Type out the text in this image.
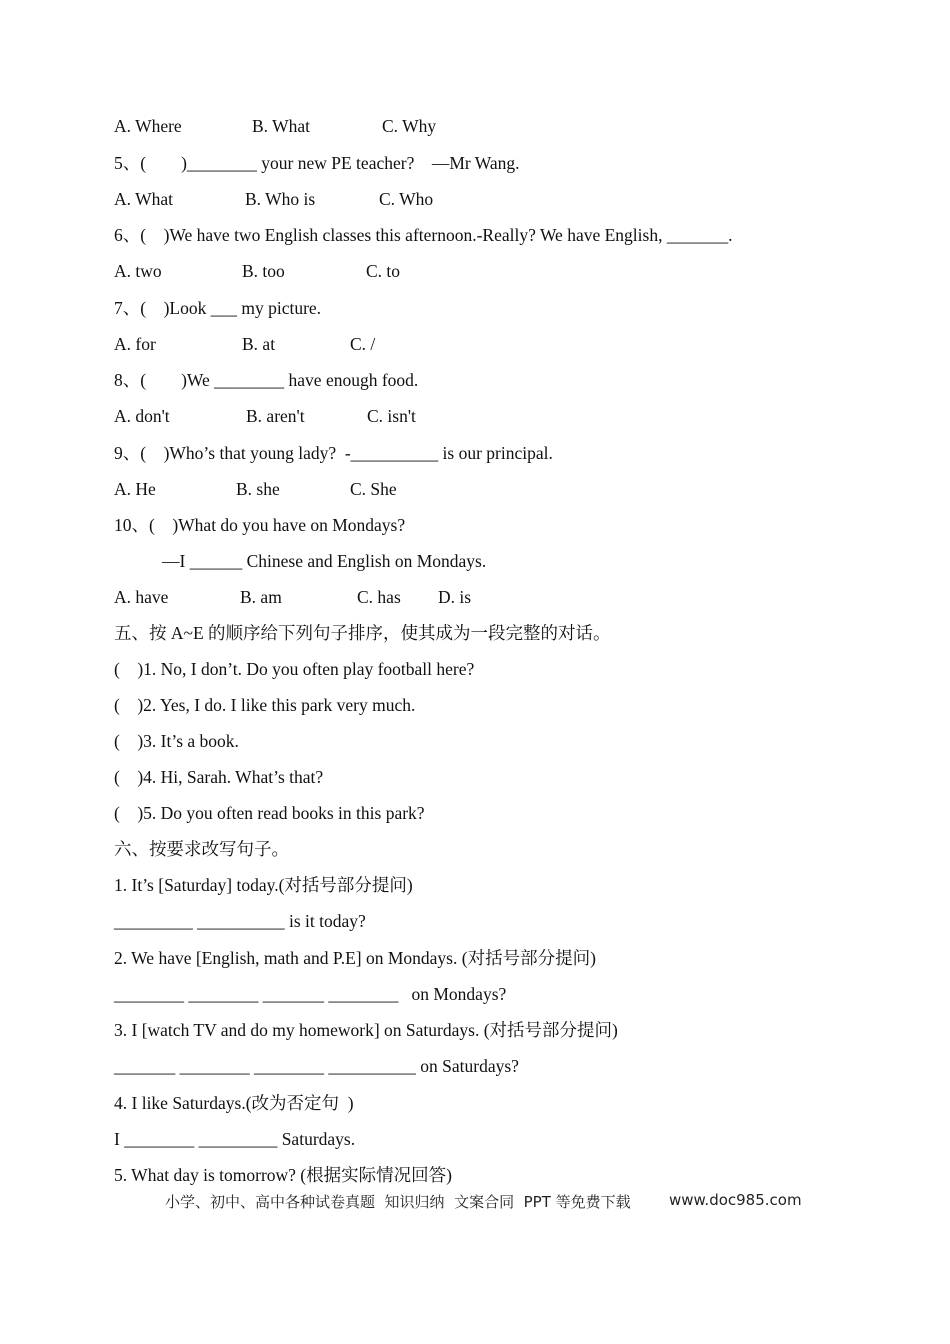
A. Where

	B. What

	C. Why

5、(        )________ your new PE teacher?    —Mr Wang.

A. What

	B. Who is

	C. Who

6、(    )We have two English classes this afternoon.-Really? We have English, _______.

A. two

	B. too

	C. to

7、(    )Look ___ my picture.

A. for

	B. at

	C. /

8、(        )We ________ have enough food.

A. don't

	B. aren't

	C. isn't

9、(    )Who’s that young lady?  -__________ is our principal.

A. He

	B. she

	C. She

10、(    )What do you have on Mondays?
—I ______ Chinese and English on Mondays.

A. have

	B. am

	C. has

D. is

五、按 A~E 的顺序给下列句子排序，使其成为一段完整的对话。
(    )1. No, I don’t. Do you often play football here?
(    )2. Yes, I do. I like this park very much.
(    )3. It’s a book.
(    )4. Hi, Sarah. What’s that?
(    )5. Do you often read books in this park?
六、按要求改写句子。
1. It’s [Saturday] today.(对括号部分提问)
_________ __________ is it today?
2. We have [English, math and P.E] on Mondays. (对括号部分提问)
________ ________ _______ ________   on Mondays?
3. I [watch TV and do my homework] on Saturdays. (对括号部分提问)
_______ ________ ________ __________ on Saturdays?
4. I like Saturdays.(改为否定句  )
I ________ _________ Saturdays.
5. What day is tomorrow? (根据实际情况回答)
小学、初中、高中各种试卷真题  知识归纳  文案合同  PPT 等免费下载	www.doc985.com
